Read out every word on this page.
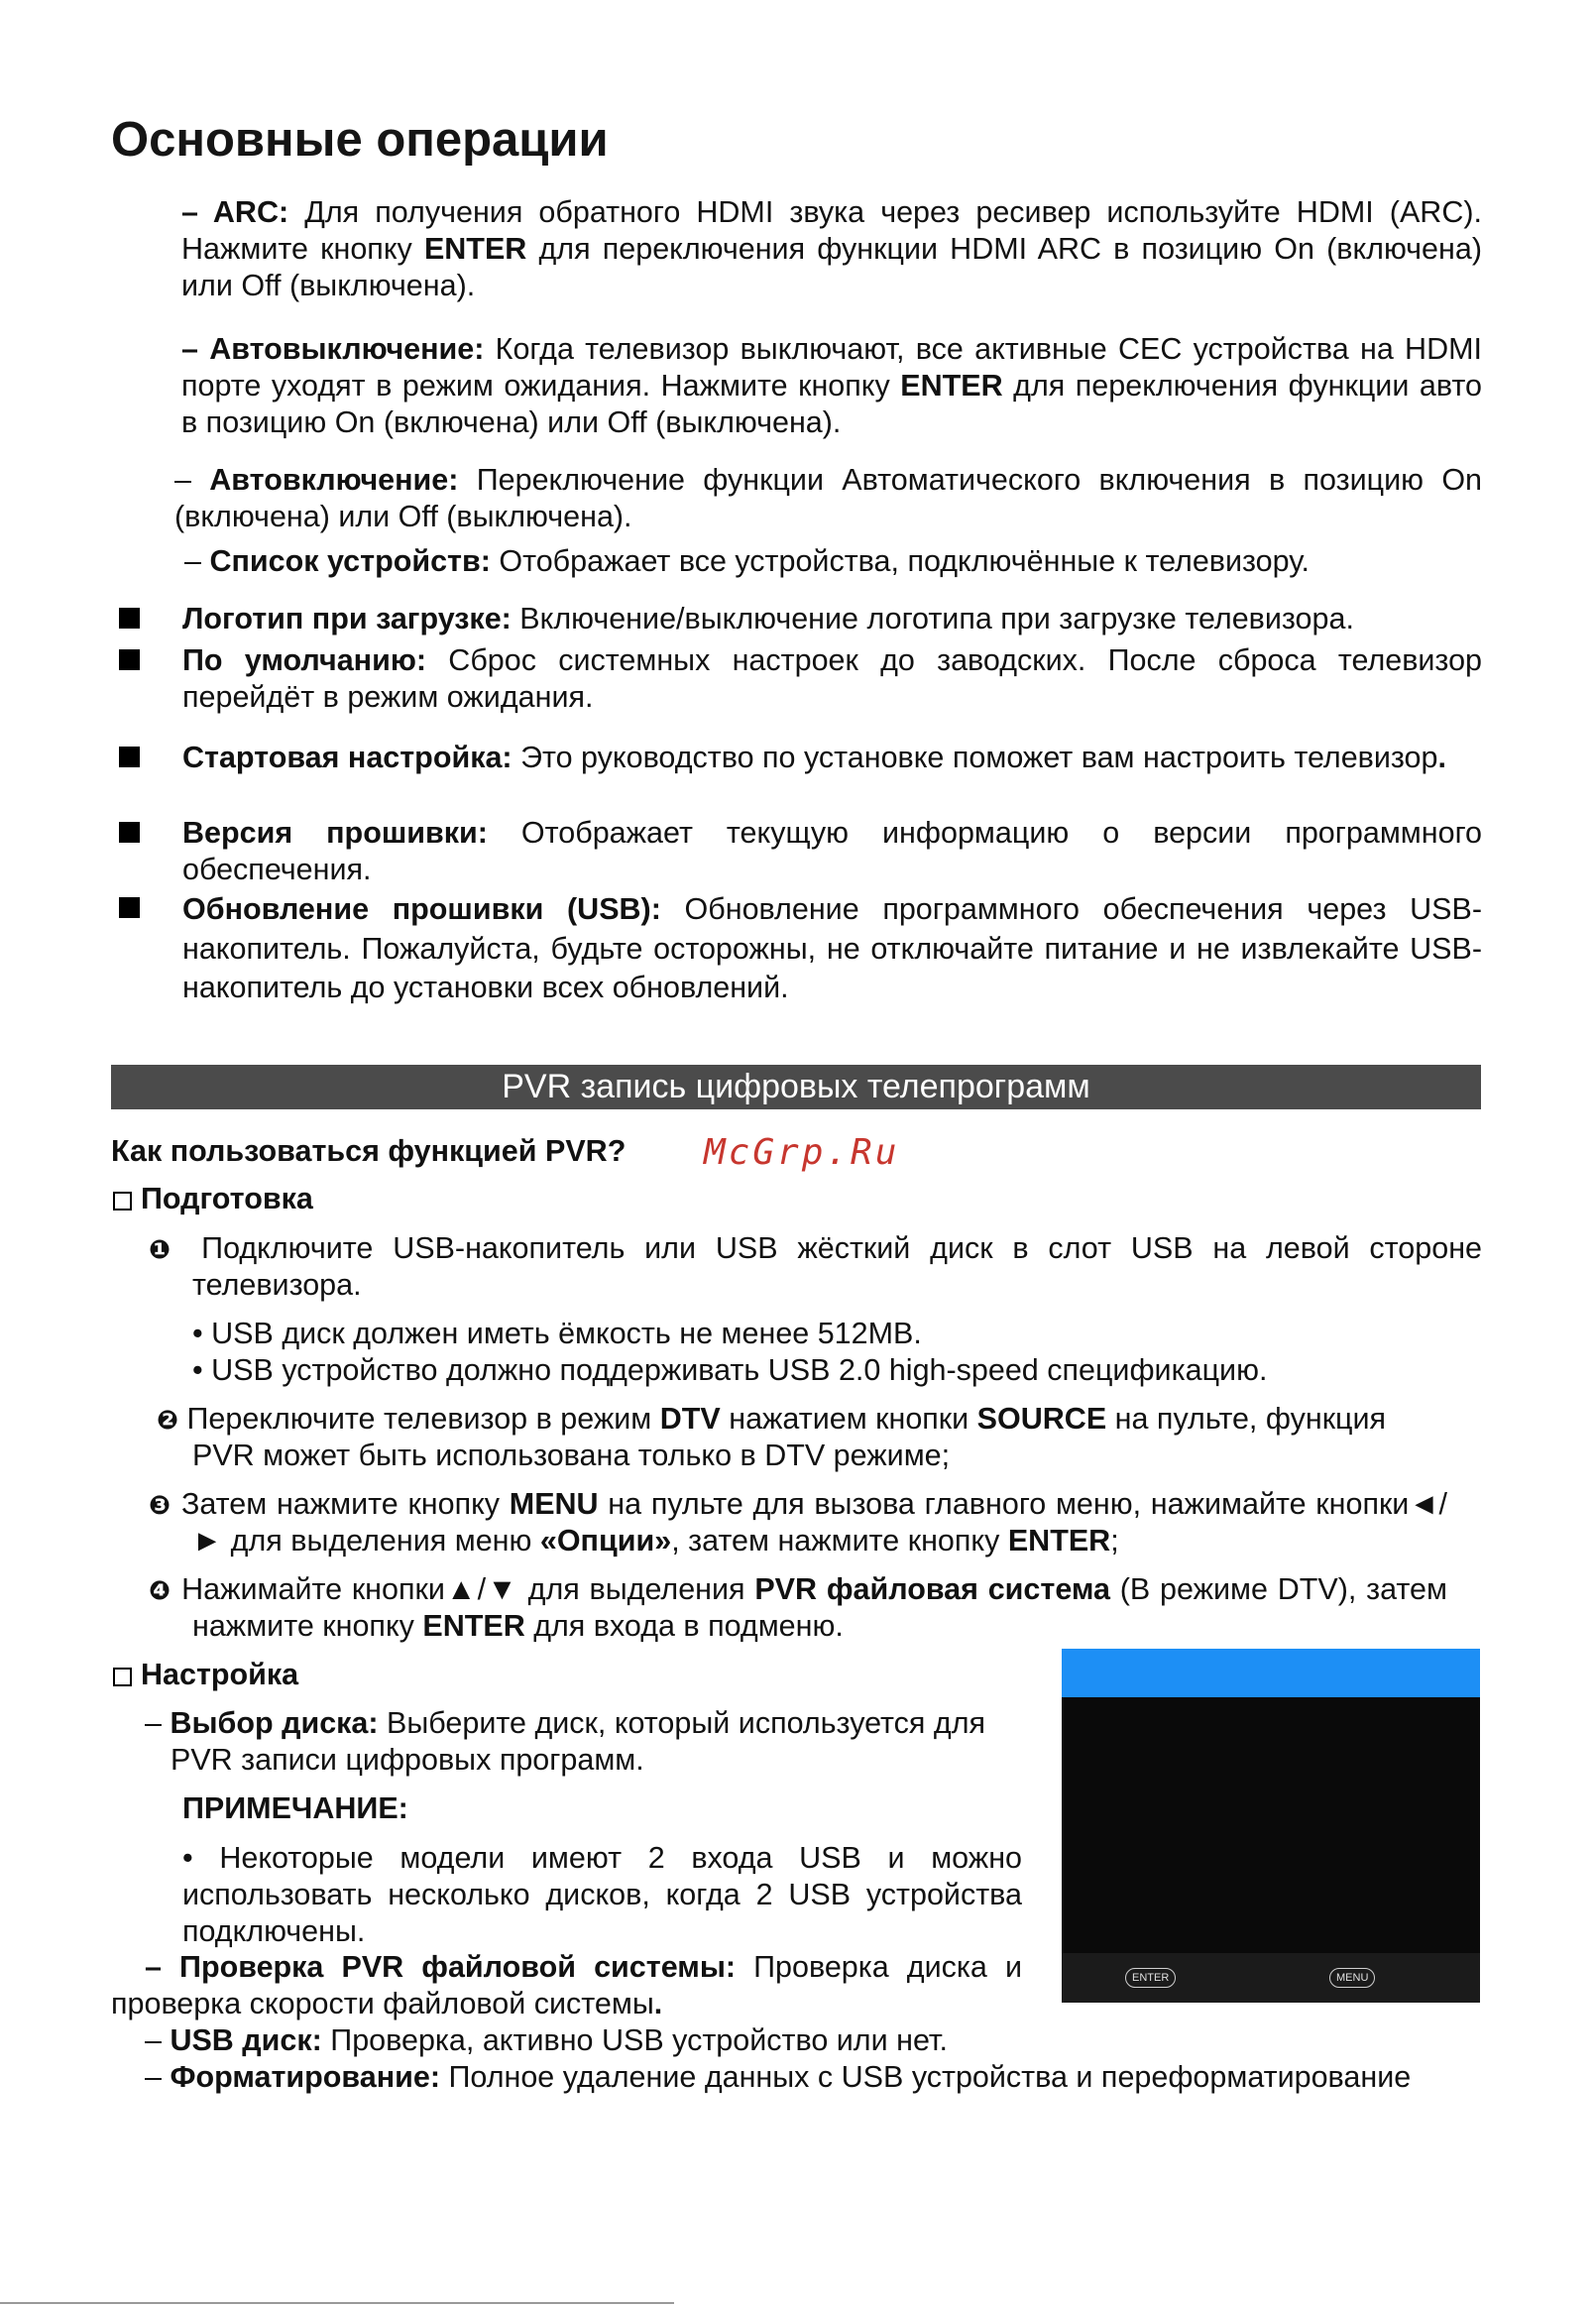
Основные операции

– ARC: Для получения обратного HDMI звука через ресивер используйте HDMI (ARC). Нажмите кнопку ENTER для переключения функции HDMI ARC в позицию On (включена) или Off (выключена).

– Автовыключение: Когда телевизор выключают, все активные CEC устройства на HDMI порте уходят в режим ожидания. Нажмите кнопку ENTER для переключения функции авто в позицию On (включена) или Off (выключена).

– Автовключение: Переключение функции Автоматического включения в позицию On (включена) или Off (выключена).

– Список устройств: Отображает все устройства, подключённые к телевизору.

Логотип при загрузке: Включение/выключение логотипа при загрузке телевизора.

По умолчанию: Сброс системных настроек до заводских. После сброса телевизор перейдёт в режим ожидания.

Стартовая настройка: Это руководство по установке поможет вам настроить телевизор.

Версия прошивки: Отображает текущую информацию о версии программного обеспечения.

Обновление прошивки (USB): Обновление программного обеспечения через USB-накопитель. Пожалуйста, будьте осторожны, не отключайте питание и не извлекайте USB-накопитель до установки всех обновлений.

PVR запись цифровых телепрограмм

Как пользоваться функцией PVR? McGrp.Ru

Подготовка

❶ Подключите USB-накопитель или USB жёсткий диск в слот USB на левой стороне телевизора.

• USB диск должен иметь ёмкость не менее 512MB.

• USB устройство должно поддерживать USB 2.0 high-speed спецификацию.

❷ Переключите телевизор в режим DTV нажатием кнопки SOURCE на пульте, функция PVR может быть использована только в DTV режиме;

❸ Затем нажмите кнопку MENU на пульте для вызова главного меню, нажимайте кнопки◄/► для выделения меню «Опции», затем нажмите кнопку ENTER;

❹ Нажимайте кнопки▲/▼ для выделения PVR файловая система (В режиме DTV), затем нажмите кнопку ENTER для входа в подменю.

Настройка

– Выбор диска: Выберите диск, который используется для PVR записи цифровых программ.

ПРИМЕЧАНИЕ:

• Некоторые модели имеют 2 входа USB и можно использовать несколько дисков, когда 2 USB устройства подключены.

– Проверка PVR файловой системы: Проверка диска и проверка скорости файловой системы.

– USB диск: Проверка, активно USB устройство или нет.

– Форматирование: Полное удаление данных с USB устройства и переформатирование

ENTER	MENU
